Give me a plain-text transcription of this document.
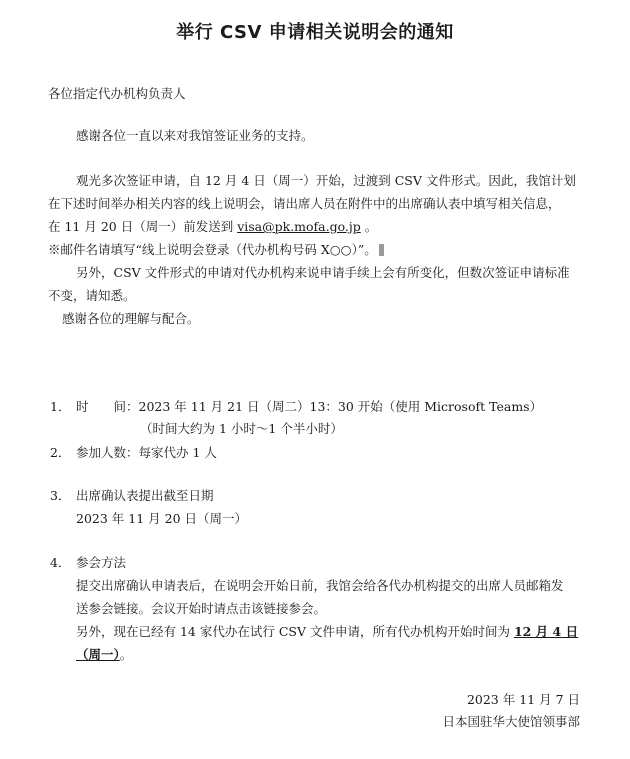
举行 CSV 申请相关说明会的通知
各位指定代办机构负责人
感谢各位一直以来对我馆签证业务的支持。
观光多次签证申请，自 12 月 4 日（周一）开始，过渡到 CSV 文件形式。因此，我馆计划
在下述时间举办相关内容的线上说明会，请出席人员在附件中的出席确认表中填写相关信息，
在 11 月 20 日（周一）前发送到 visa@pk.mofa.go.jp 。
※邮件名请填写“线上说明会登录（代办机构号码 X○○）”。
另外，CSV 文件形式的申请对代办机构来说申请手续上会有所变化，但数次签证申请标准
不变，请知悉。
感谢各位的理解与配合。
1． 时　　间：2023 年 11 月 21 日（周二）13：30 开始（使用 Microsoft Teams）
（时间大约为 1 小时～1 个半小时）
2． 参加人数：每家代办 1 人
3． 出席确认表提出截至日期
2023 年 11 月 20 日（周一）
4． 参会方法
提交出席确认申请表后，在说明会开始日前，我馆会给各代办机构提交的出席人员邮箱发
送参会链接。会议开始时请点击该链接参会。
另外，现在已经有 14 家代办在试行 CSV 文件申请，所有代办机构开始时间为 12 月 4 日
（周一）。
2023 年 11 月 7 日
日本国驻华大使馆领事部
